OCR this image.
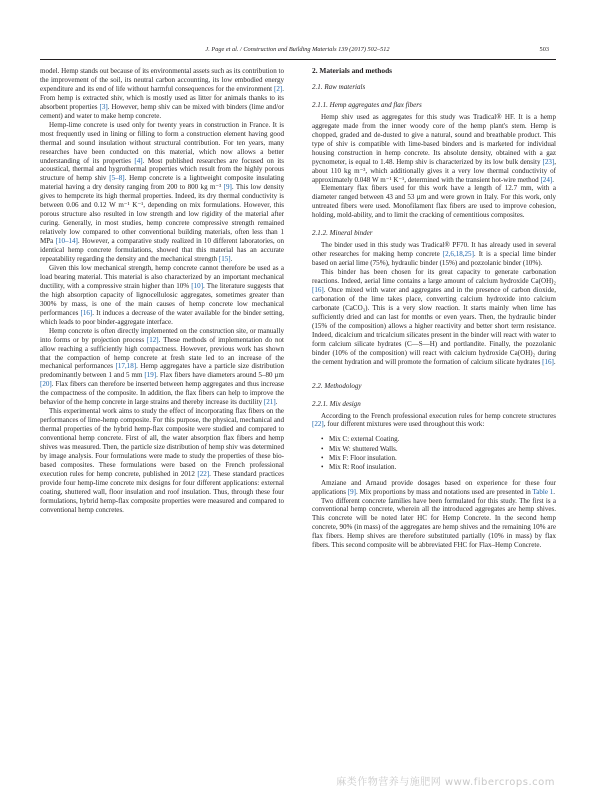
J. Page et al. / Construction and Building Materials 139 (2017) 502–512	503

model. Hemp stands out because of its environmental assets such as its contribution to the improvement of the soil, its neutral carbon accounting, its low embodied energy expenditure and its end of life without harmful consequences for the environment [2]. From hemp is extracted shiv, which is mostly used as litter for animals thanks to its absorbent properties [3]. However, hemp shiv can be mixed with binders (lime and/or cement) and water to make hemp concrete.

Hemp-lime concrete is used only for twenty years in construction in France. It is most frequently used in lining or filling to form a construction element having good thermal and sound insulation without structural contribution. For ten years, many researches have been conducted on this material, which now allows a better understanding of its properties [4]. Most published researches are focused on its acoustical, thermal and hygrothermal properties which result from the highly porous structure of hemp shiv [5–8]. Hemp concrete is a lightweight composite insulating material having a dry density ranging from 200 to 800 kg m⁻³ [9]. This low density gives to hempcrete its high thermal properties. Indeed, its dry thermal conductivity is between 0.06 and 0.12 W m⁻¹ K⁻¹, depending on mix formulations. However, this porous structure also resulted in low strength and low rigidity of the material after curing. Generally, in most studies, hemp concrete compressive strength remained relatively low compared to other conventional building materials, often less than 1 MPa [10–14]. However, a comparative study realized in 10 different laboratories, on identical hemp concrete formulations, showed that this material has an accurate repeatability regarding the density and the mechanical strength [15].

Given this low mechanical strength, hemp concrete cannot therefore be used as a load bearing material. This material is also characterized by an important mechanical ductility, with a compressive strain higher than 10% [10]. The literature suggests that the high absorption capacity of lignocellulosic aggregates, sometimes greater than 300% by mass, is one of the main causes of hemp concrete low mechanical performances [16]. It induces a decrease of the water available for the binder setting, which leads to poor binder-aggregate interface.

Hemp concrete is often directly implemented on the construction site, or manually into forms or by projection process [12]. These methods of implementation do not allow reaching a sufficiently high compactness. However, previous work has shown that the compaction of hemp concrete at fresh state led to an increase of the mechanical performances [17,18]. Hemp aggregates have a particle size distribution predominantly between 1 and 5 mm [19]. Flax fibers have diameters around 5–80 µm [20]. Flax fibers can therefore be inserted between hemp aggregates and thus increase the compactness of the composite. In addition, the flax fibers can help to improve the behavior of the hemp concrete in large strains and thereby increase its ductility [21].

This experimental work aims to study the effect of incorporating flax fibers on the performances of lime-hemp composite. For this purpose, the physical, mechanical and thermal properties of the hybrid hemp-flax composite were studied and compared to conventional hemp concrete. First of all, the water absorption flax fibers and hemp shives was measured. Then, the particle size distribution of hemp shiv was determined by image analysis. Four formulations were made to study the properties of these bio-based composites. These formulations were based on the French professional execution rules for hemp concrete, published in 2012 [22]. These standard practices provide four hemp-lime concrete mix designs for four different applications: external coating, shuttered wall, floor insulation and roof insulation. Thus, through these four formulations, hybrid hemp-flax composite properties were measured and compared to conventional hemp concretes.

2. Materials and methods
2.1. Raw materials
2.1.1. Hemp aggregates and flax fibers

Hemp shiv used as aggregates for this study was Tradical® HF. It is a hemp aggregate made from the inner woody core of the hemp plant's stem. Hemp is chopped, graded and de-dusted to give a natural, sound and breathable product. This type of shiv is compatible with lime-based binders and is marketed for individual housing construction in hemp concrete. Its absolute density, obtained with a gaz pycnometer, is equal to 1.48. Hemp shiv is characterized by its low bulk density [23], about 110 kg m⁻³, which additionally gives it a very low thermal conductivity of approximately 0.048 W m⁻¹ K⁻¹, determined with the transient hot-wire method [24].

Elementary flax fibers used for this work have a length of 12.7 mm, with a diameter ranged between 43 and 53 µm and were grown in Italy. For this work, only untreated fibers were used. Monofilament flax fibers are used to improve cohesion, holding, mold-ability, and to limit the cracking of cementitious composites.

2.1.2. Mineral binder

The binder used in this study was Tradical® PF70. It has already used in several other researches for making hemp concrete [2,6,18,25]. It is a special lime binder based on aerial lime (75%), hydraulic binder (15%) and pozzolanic binder (10%).

This binder has been chosen for its great capacity to generate carbonation reactions. Indeed, aerial lime contains a large amount of calcium hydroxide Ca(OH)₂ [16]. Once mixed with water and aggregates and in the presence of carbon dioxide, carbonation of the lime takes place, converting calcium hydroxide into calcium carbonate (CaCO₃). This is a very slow reaction. It starts mainly when lime has sufficiently dried and can last for months or even years. Then, the hydraulic binder (15% of the composition) allows a higher reactivity and better short term resistance. Indeed, dicalcium and tricalcium silicates present in the binder will react with water to form calcium silicate hydrates (C—S—H) and portlandite. Finally, the pozzolanic binder (10% of the composition) will react with calcium hydroxide Ca(OH)₂ during the cement hydration and will promote the formation of calcium silicate hydrates [16].

2.2. Methodology
2.2.1. Mix design

According to the French professional execution rules for hemp concrete structures [22], four different mixtures were used throughout this work:

• Mix C: external Coating.
• Mix W: shuttered Walls.
• Mix F: Floor insulation.
• Mix R: Roof insulation.

Amziane and Arnaud provide dosages based on experience for these four applications [9]. Mix proportions by mass and notations used are presented in Table 1.

Two different concrete families have been formulated for this study. The first is a conventional hemp concrete, wherein all the introduced aggregates are hemp shives. This concrete will be noted later HC for Hemp Concrete. In the second hemp concrete, 90% (in mass) of the aggregates are hemp shives and the remaining 10% are flax fibers. Hemp shives are therefore substituted partially (10% in mass) by flax fibers. This second composite will be abbreviated FHC for Flax–Hemp Concrete.

麻类作物营养与施肥网 www.fibercrops.com
